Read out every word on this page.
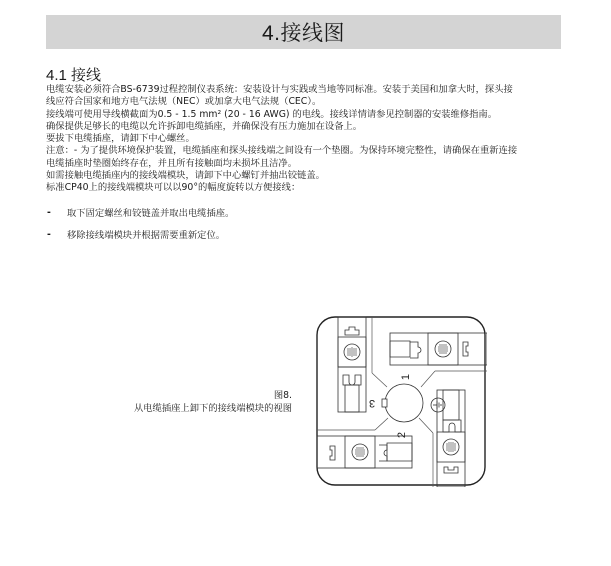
4.接线图
4.1 接线

电缆安装必须符合BS-6739过程控制仪表系统：安装设计与实践或当地等同标准。安装于美国和加拿大时，探头接

线应符合国家和地方电气法规（NEC）或加拿大电气法规（CEC）。

接线端可使用导线横截面为0.5 - 1.5 mm² (20 - 16 AWG) 的电线。接线详情请参见控制器的安装维修指南。

确保提供足够长的电缆以允许拆卸电缆插座，并确保没有压力施加在设备上。

要拔下电缆插座，请卸下中心螺丝。

注意：- 为了提供环境保护装置，电缆插座和探头接线端之间设有一个垫圈。为保持环境完整性，请确保在重新连接

电缆插座时垫圈始终存在，并且所有接触面均未损坏且洁净。

如需接触电缆插座内的接线端模块，请卸下中心螺钉并抽出铰链盖。

标准CP40上的接线端模块可以以90°的幅度旋转以方便接线：

-	取下固定螺丝和铰链盖并取出电缆插座。
-	移除接线端模块并根据需要重新定位。
图8.
从电缆插座上卸下的接线端模块的视图
1
2
3
